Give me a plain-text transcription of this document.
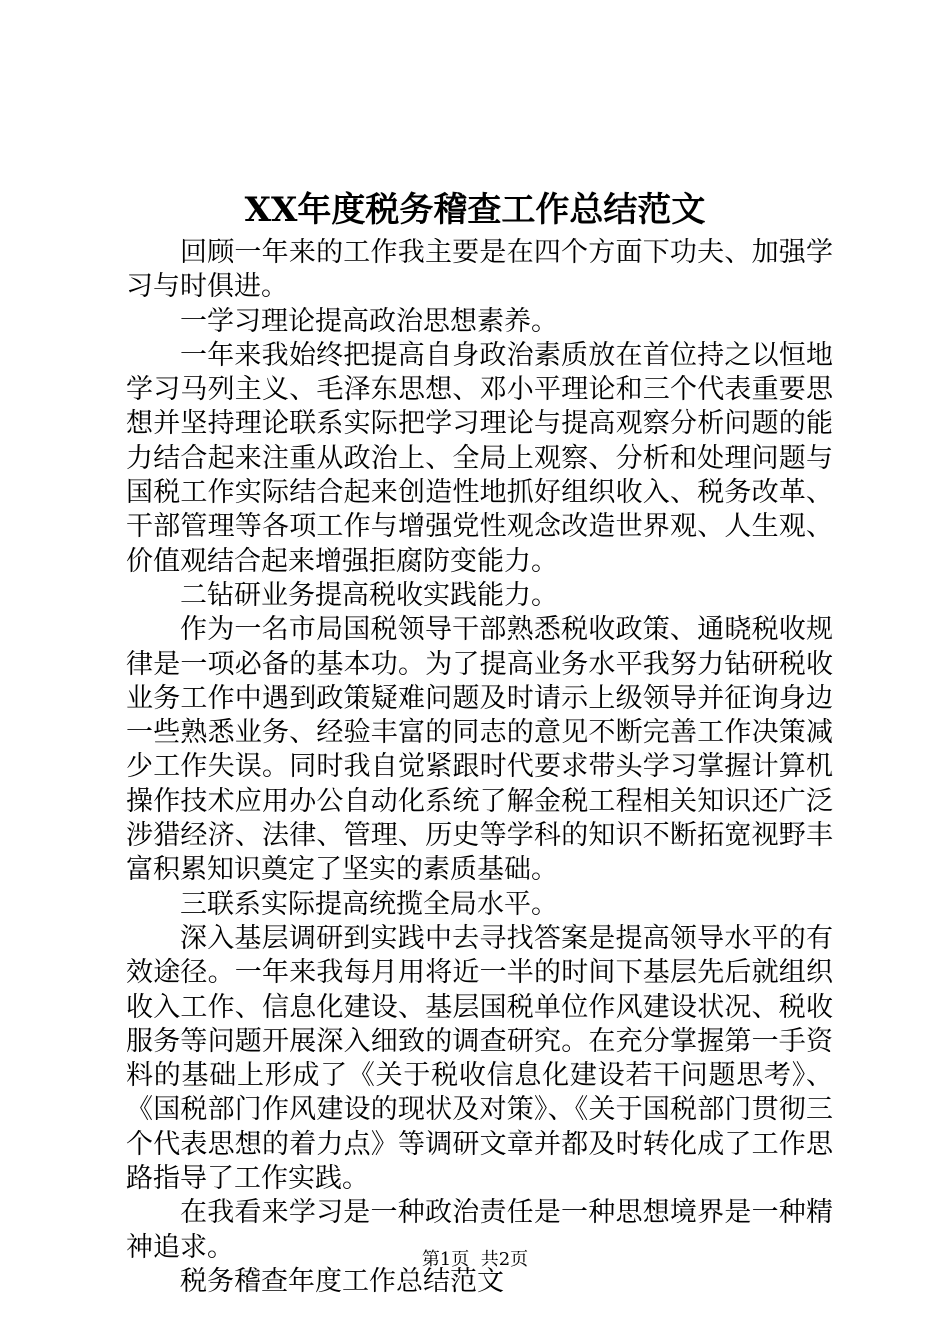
XX年度税务稽查工作总结范文

回顾一年来的工作我主要是在四个方面下功夫、加强学习与时俱进。

一学习理论提高政治思想素养。

一年来我始终把提高自身政治素质放在首位持之以恒地学习马列主义、毛泽东思想、邓小平理论和三个代表重要思想并坚持理论联系实际把学习理论与提高观察分析问题的能力结合起来注重从政治上、全局上观察、分析和处理问题与国税工作实际结合起来创造性地抓好组织收入、税务改革、干部管理等各项工作与增强党性观念改造世界观、人生观、价值观结合起来增强拒腐防变能力。

二钻研业务提高税收实践能力。

作为一名市局国税领导干部熟悉税收政策、通晓税收规律是一项必备的基本功。为了提高业务水平我努力钻研税收业务工作中遇到政策疑难问题及时请示上级领导并征询身边一些熟悉业务、经验丰富的同志的意见不断完善工作决策减少工作失误。同时我自觉紧跟时代要求带头学习掌握计算机操作技术应用办公自动化系统了解金税工程相关知识还广泛涉猎经济、法律、管理、历史等学科的知识不断拓宽视野丰富积累知识奠定了坚实的素质基础。

三联系实际提高统揽全局水平。

深入基层调研到实践中去寻找答案是提高领导水平的有效途径。一年来我每月用将近一半的时间下基层先后就组织收入工作、信息化建设、基层国税单位作风建设状况、税收服务等问题开展深入细致的调查研究。在充分掌握第一手资料的基础上形成了《关于税收信息化建设若干问题思考》、《国税部门作风建设的现状及对策》、《关于国税部门贯彻三个代表思想的着力点》等调研文章并都及时转化成了工作思路指导了工作实践。

在我看来学习是一种政治责任是一种思想境界是一种精神追求。

税务稽查年度工作总结范文

第1页  共2页
